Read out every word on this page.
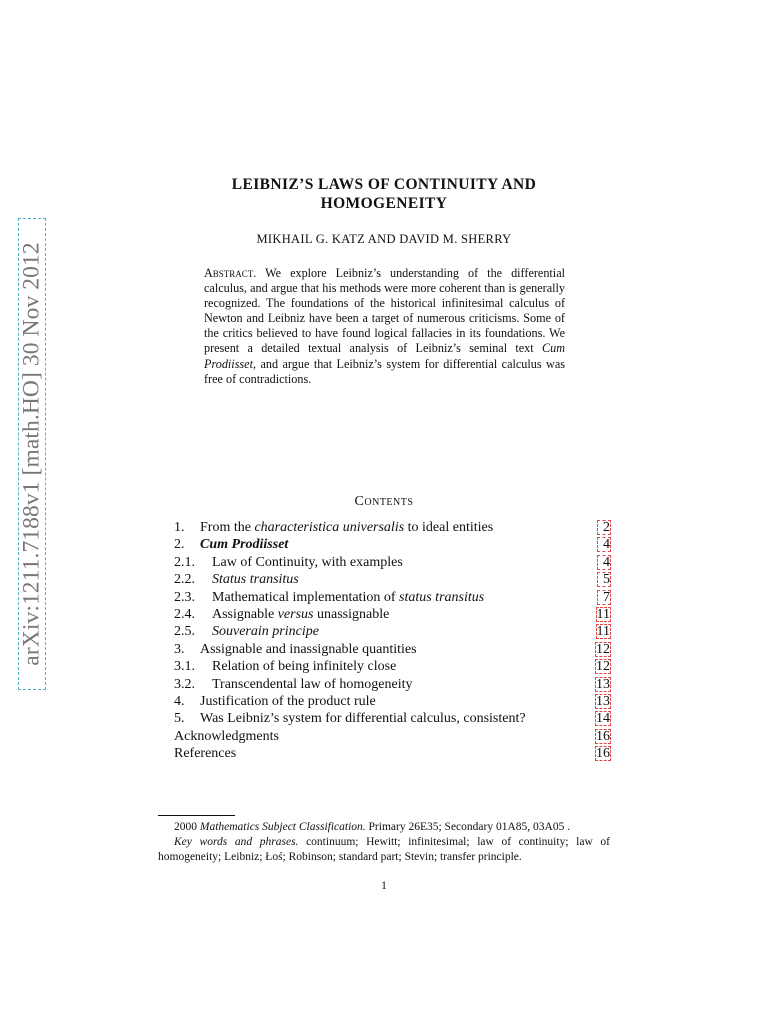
arXiv:1211.7188v1 [math.HO] 30 Nov 2012
LEIBNIZ’S LAWS OF CONTINUITY AND
HOMOGENEITY
MIKHAIL G. KATZ AND DAVID M. SHERRY
Abstract. We explore Leibniz’s understanding of the differential calculus, and argue that his methods were more coherent than is generally recognized. The foundations of the historical infinitesimal calculus of Newton and Leibniz have been a target of numerous criticisms. Some of the critics believed to have found logical fallacies in its foundations. We present a detailed textual analysis of Leibniz’s seminal text Cum Prodiisset, and argue that Leibniz’s system for differential calculus was free of contradictions.
Contents
1. From the characteristica universalis to ideal entities	2
2. Cum Prodiisset	4
2.1. Law of Continuity, with examples	4
2.2. Status transitus	5
2.3. Mathematical implementation of status transitus	7
2.4. Assignable versus unassignable	11
2.5. Souverain principe	11
3. Assignable and inassignable quantities	12
3.1. Relation of being infinitely close	12
3.2. Transcendental law of homogeneity	13
4. Justification of the product rule	13
5. Was Leibniz’s system for differential calculus, consistent?	14
Acknowledgments	16
References	16

2000 Mathematics Subject Classification. Primary 26E35; Secondary 01A85, 03A05 .

Key words and phrases. continuum; Hewitt; infinitesimal; law of continuity; law of homogeneity; Leibniz; Łoś; Robinson; standard part; Stevin; transfer principle.

1
